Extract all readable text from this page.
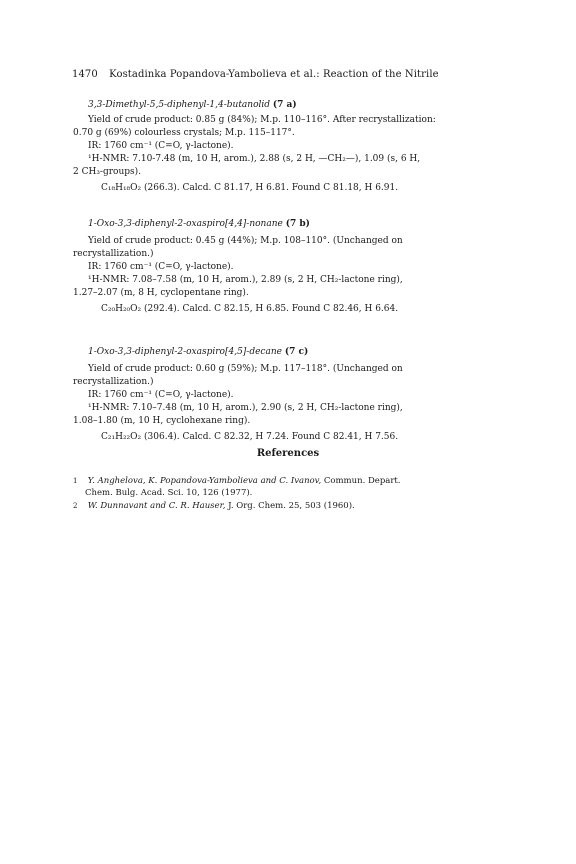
1470 Kostadinka Popandova-Yambolieva et al.: Reaction of the Nitrile
3,3-Dimethyl-5,5-diphenyl-1,4-butanolid (7 a)
Yield of crude product: 0.85 g (84%); M.p. 110–116°. After recrystallization:
0.70 g (69%) colourless crystals; M.p. 115–117°.
IR: 1760 cm⁻¹ (C=O, γ-lactone).
¹H-NMR: 7.10-7.48 (m, 10 H, arom.), 2.88 (s, 2 H, —CH₂—), 1.09 (s, 6 H,
2 CH₃-groups).
C₁₈H₁₈O₂ (266.3). Calcd. C 81.17, H 6.81. Found C 81.18, H 6.91.
1-Oxo-3,3-diphenyl-2-oxaspiro[4,4]-nonane (7 b)
Yield of crude product: 0.45 g (44%); M.p. 108–110°. (Unchanged on
recrystallization.)
IR: 1760 cm⁻¹ (C=O, γ-lactone).
¹H-NMR: 7.08–7.58 (m, 10 H, arom.), 2.89 (s, 2 H, CH₂-lactone ring),
1.27–2.07 (m, 8 H, cyclopentane ring).
C₂₀H₂₀O₂ (292.4). Calcd. C 82.15, H 6.85. Found C 82.46, H 6.64.
1-Oxo-3,3-diphenyl-2-oxaspiro[4,5]-decane (7 c)
Yield of crude product: 0.60 g (59%); M.p. 117–118°. (Unchanged on
recrystallization.)
IR: 1760 cm⁻¹ (C=O, γ-lactone).
¹H-NMR: 7.10–7.48 (m, 10 H, arom.), 2.90 (s, 2 H, CH₂-lactone ring),
1.08–1.80 (m, 10 H, cyclohexane ring).
C₂₁H₂₂O₂ (306.4). Calcd. C 82.32, H 7.24. Found C 82.41, H 7.56.
References
1 Y. Anghelova, K. Popandova-Yambolieva and C. Ivanov, Commun. Depart.
Chem. Bulg. Acad. Sci. 10, 126 (1977).
2 W. Dunnavant and C. R. Hauser, J. Org. Chem. 25, 503 (1960).
